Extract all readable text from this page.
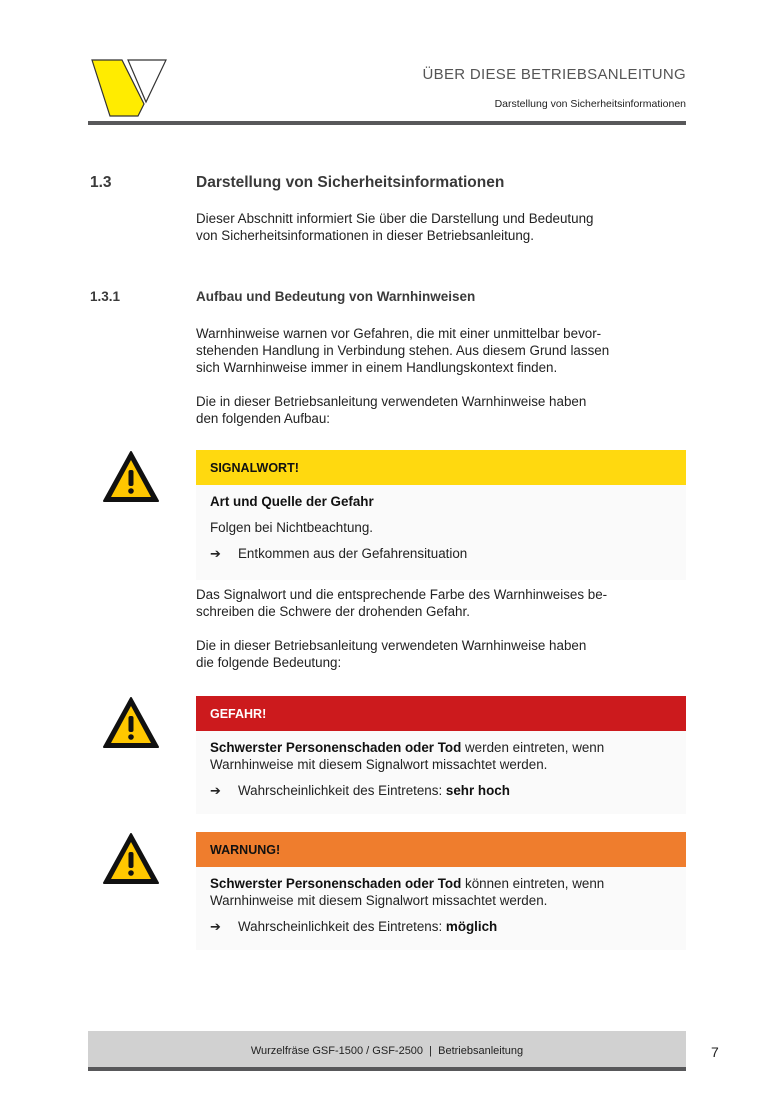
ÜBER DIESE BETRIEBSANLEITUNG
Darstellung von Sicherheitsinformationen
1.3	Darstellung von Sicherheitsinformationen
Dieser Abschnitt informiert Sie über die Darstellung und Bedeutung
von Sicherheitsinformationen in dieser Betriebsanleitung.
1.3.1	Aufbau und Bedeutung von Warnhinweisen
Warnhinweise warnen vor Gefahren, die mit einer unmittelbar bevor-
stehenden Handlung in Verbindung stehen. Aus diesem Grund lassen
sich Warnhinweise immer in einem Handlungskontext finden.
Die in dieser Betriebsanleitung verwendeten Warnhinweise haben
den folgenden Aufbau:
SIGNALWORT!
Art und Quelle der Gefahr
Folgen bei Nichtbeachtung.
➔	Entkommen aus der Gefahrensituation
Das Signalwort und die entsprechende Farbe des Warnhinweises be-
schreiben die Schwere der drohenden Gefahr.
Die in dieser Betriebsanleitung verwendeten Warnhinweise haben
die folgende Bedeutung:
GEFAHR!
Schwerster Personenschaden oder Tod werden eintreten, wenn
Warnhinweise mit diesem Signalwort missachtet werden.
➔	Wahrscheinlichkeit des Eintretens: sehr hoch
WARNUNG!
Schwerster Personenschaden oder Tod können eintreten, wenn
Warnhinweise mit diesem Signalwort missachtet werden.
➔	Wahrscheinlichkeit des Eintretens: möglich
Wurzelfräse GSF-1500 / GSF-2500  |  Betriebsanleitung	7
